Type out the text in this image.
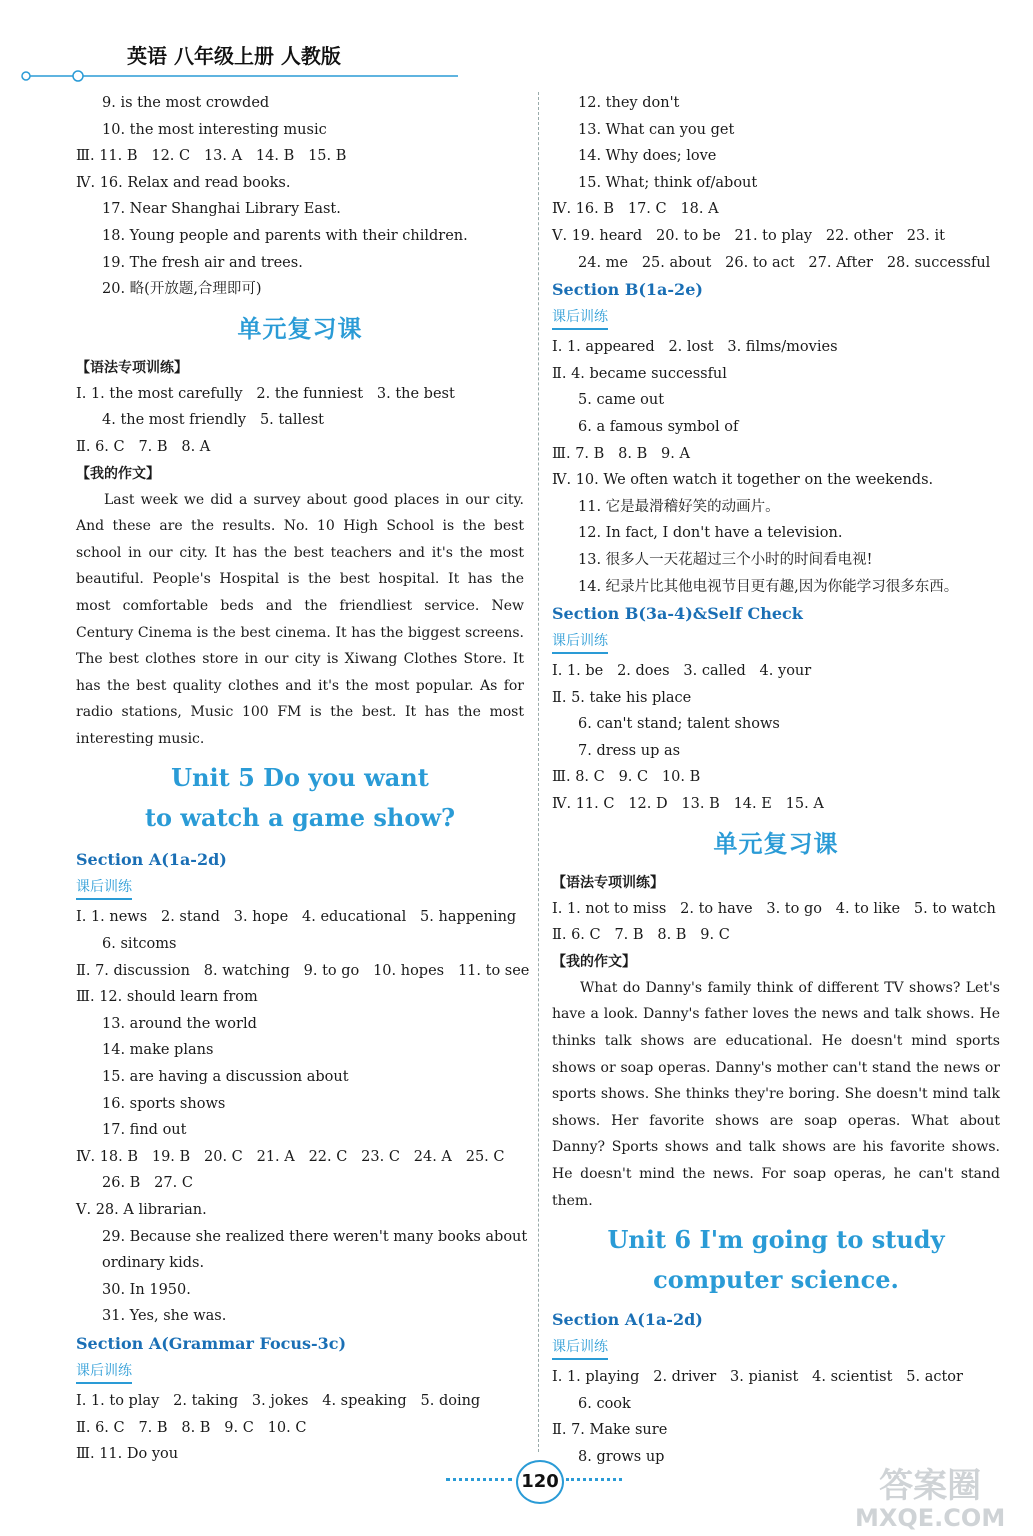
英语 八年级上册 人教版
9. is the most crowded
10. the most interesting music
Ⅲ. 11. B   12. C   13. A   14. B   15. B
Ⅳ. 16. Relax and read books.
17. Near Shanghai Library East.
18. Young people and parents with their children.
19. The fresh air and trees.
20. 略(开放题,合理即可)
单元复习课
【语法专项训练】
Ⅰ. 1. the most carefully   2. the funniest   3. the best
4. the most friendly   5. tallest
Ⅱ. 6. C   7. B   8. A
【我的作文】
Last week we did a survey about good places in our city. And these are the results. No. 10 High School is the best school in our city. It has the best teachers and it's the most beautiful. People's Hospital is the best hospital. It has the most comfortable beds and the friendliest service. New Century Cinema is the best cinema. It has the biggest screens. The best clothes store in our city is Xiwang Clothes Store. It has the best quality clothes and it's the most popular. As for radio stations, Music 100 FM is the best. It has the most interesting music.
Unit 5 Do you want
to watch a game show?
Section A(1a-2d)
课后训练
Ⅰ. 1. news   2. stand   3. hope   4. educational   5. happening
6. sitcoms
Ⅱ. 7. discussion   8. watching   9. to go   10. hopes   11. to see
Ⅲ. 12. should learn from
13. around the world
14. make plans
15. are having a discussion about
16. sports shows
17. find out
Ⅳ. 18. B   19. B   20. C   21. A   22. C   23. C   24. A   25. C
26. B   27. C
Ⅴ. 28. A librarian.
29. Because she realized there weren't many books about
ordinary kids.
30. In 1950.
31. Yes, she was.
Section A(Grammar Focus-3c)
课后训练
Ⅰ. 1. to play   2. taking   3. jokes   4. speaking   5. doing
Ⅱ. 6. C   7. B   8. B   9. C   10. C
Ⅲ. 11. Do you
12. they don't
13. What can you get
14. Why does; love
15. What; think of/about
Ⅳ. 16. B   17. C   18. A
Ⅴ. 19. heard   20. to be   21. to play   22. other   23. it
24. me   25. about   26. to act   27. After   28. successful
Section B(1a-2e)
课后训练
Ⅰ. 1. appeared   2. lost   3. films/movies
Ⅱ. 4. became successful
5. came out
6. a famous symbol of
Ⅲ. 7. B   8. B   9. A
Ⅳ. 10. We often watch it together on the weekends.
11. 它是最滑稽好笑的动画片。
12. In fact, I don't have a television.
13. 很多人一天花超过三个小时的时间看电视!
14. 纪录片比其他电视节目更有趣,因为你能学习很多东西。
Section B(3a-4)&Self Check
课后训练
Ⅰ. 1. be   2. does   3. called   4. your
Ⅱ. 5. take his place
6. can't stand; talent shows
7. dress up as
Ⅲ. 8. C   9. C   10. B
Ⅳ. 11. C   12. D   13. B   14. E   15. A
单元复习课
【语法专项训练】
Ⅰ. 1. not to miss   2. to have   3. to go   4. to like   5. to watch
Ⅱ. 6. C   7. B   8. B   9. C
【我的作文】
What do Danny's family think of different TV shows? Let's have a look. Danny's father loves the news and talk shows. He thinks talk shows are educational. He doesn't mind sports shows or soap operas. Danny's mother can't stand the news or sports shows. She thinks they're boring. She doesn't mind talk shows. Her favorite shows are soap operas. What about Danny? Sports shows and talk shows are his favorite shows. He doesn't mind the news. For soap operas, he can't stand them.
Unit 6 I'm going to study
computer science.
Section A(1a-2d)
课后训练
Ⅰ. 1. playing   2. driver   3. pianist   4. scientist   5. actor
6. cook
Ⅱ. 7. Make sure
8. grows up
120	答案圈
MXQE.COM
